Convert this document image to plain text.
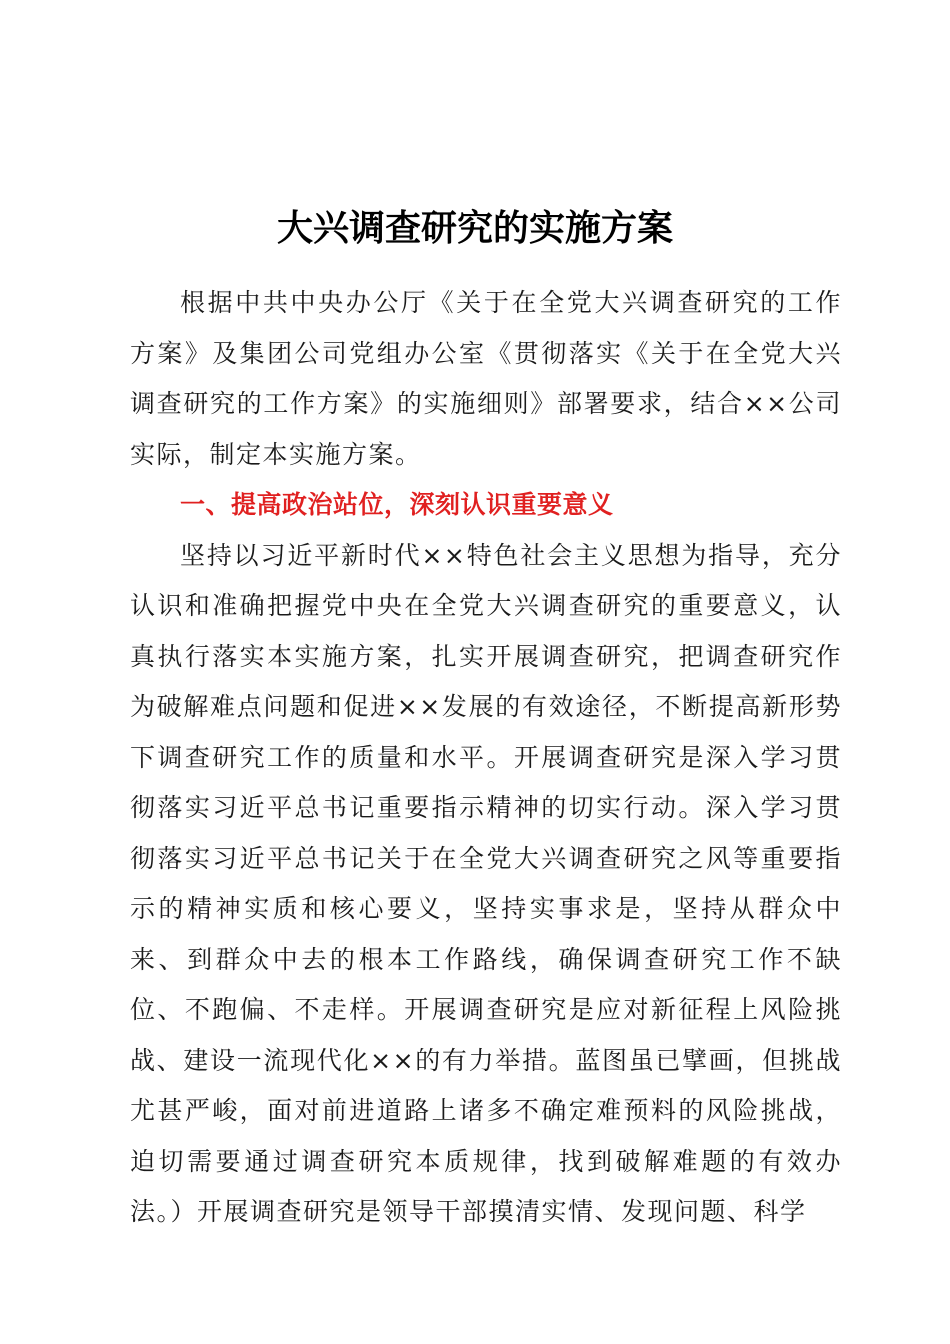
大兴调查研究的实施方案

根据中共中央办公厅《关于在全党大兴调查研究的工作方案》及集团公司党组办公室《贯彻落实《关于在全党大兴调查研究的工作方案》的实施细则》部署要求，结合××公司实际，制定本实施方案。

一、提高政治站位，深刻认识重要意义

坚持以习近平新时代××特色社会主义思想为指导，充分认识和准确把握党中央在全党大兴调查研究的重要意义，认真执行落实本实施方案，扎实开展调查研究，把调查研究作为破解难点问题和促进××发展的有效途径，不断提高新形势下调查研究工作的质量和水平。开展调查研究是深入学习贯彻落实习近平总书记重要指示精神的切实行动。深入学习贯彻落实习近平总书记关于在全党大兴调查研究之风等重要指示的精神实质和核心要义，坚持实事求是，坚持从群众中来、到群众中去的根本工作路线，确保调查研究工作不缺位、不跑偏、不走样。开展调查研究是应对新征程上风险挑战、建设一流现代化××的有力举措。蓝图虽已擘画，但挑战尤甚严峻，面对前进道路上诸多不确定难预料的风险挑战，迫切需要通过调查研究本质规律，找到破解难题的有效办法。）开展调查研究是领导干部摸清实情、发现问题、科学
